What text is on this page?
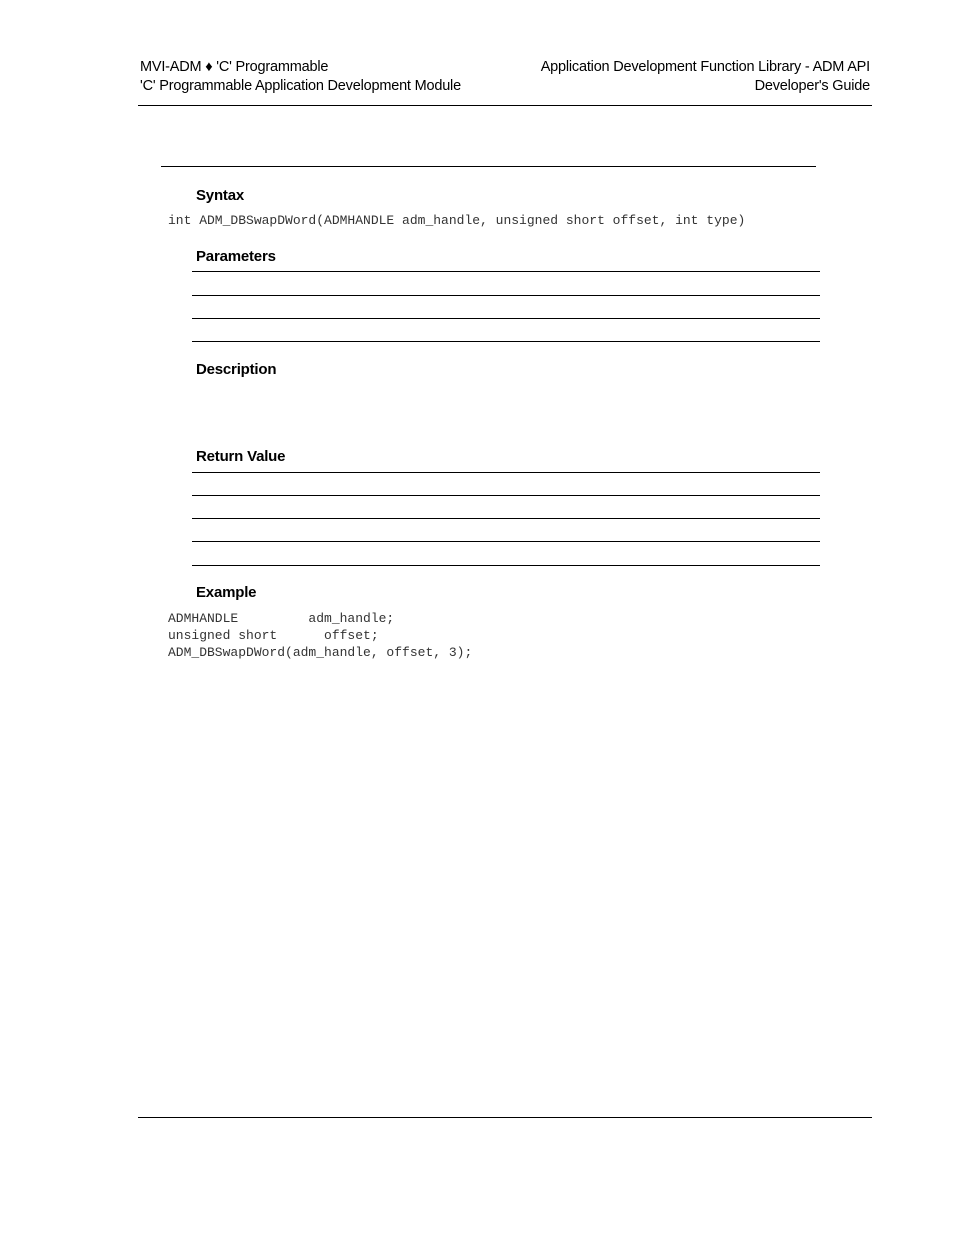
MVI-ADM ♦ 'C' Programmable
'C' Programmable Application Development Module
Application Development Function Library - ADM API
Developer's Guide
Syntax
int ADM_DBSwapDWord(ADMHANDLE adm_handle, unsigned short offset, int type)
Parameters
Description
Return Value
Example
ADMHANDLE         adm_handle;
unsigned short      offset;
ADM_DBSwapDWord(adm_handle, offset, 3);
